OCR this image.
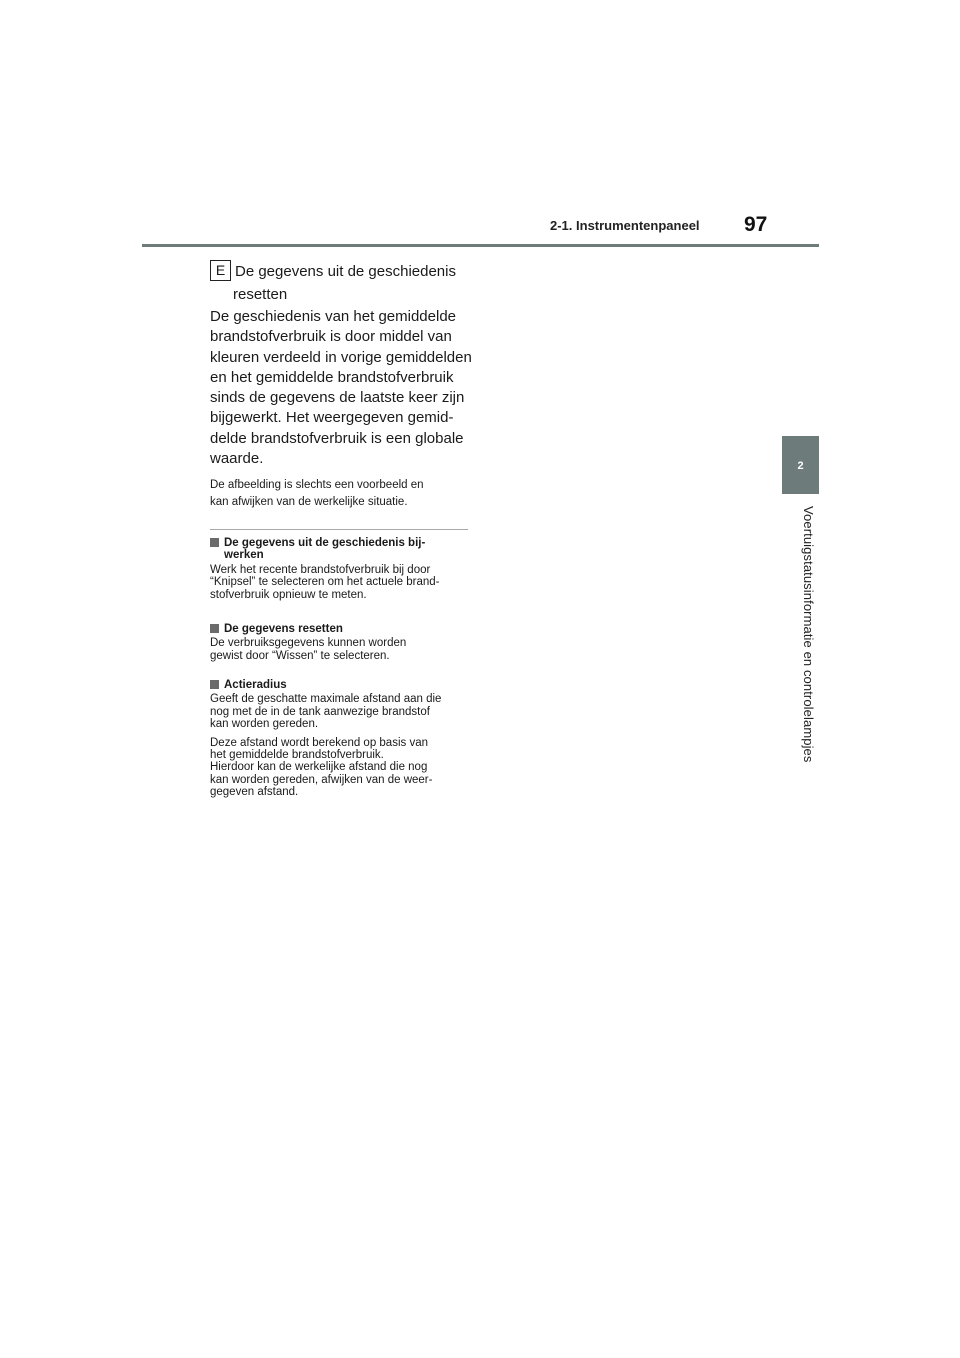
2-1. Instrumentenpaneel 97
2
Voertuigstatusinformatie en controlelampjes
E De gegevens uit de geschiedenis
resetten
De geschiedenis van het gemiddelde
brandstofverbruik is door middel van
kleuren verdeeld in vorige gemiddelden
en het gemiddelde brandstofverbruik
sinds de gegevens de laatste keer zijn
bijgewerkt. Het weergegeven gemid-
delde brandstofverbruik is een globale
waarde.
De afbeelding is slechts een voorbeeld en
kan afwijken van de werkelijke situatie.
De gegevens uit de geschiedenis bij-
werken

Werk het recente brandstofverbruik bij door
“Knipsel” te selecteren om het actuele brand-
stofverbruik opnieuw te meten.

De gegevens resetten

De verbruiksgegevens kunnen worden
gewist door “Wissen” te selecteren.

Actieradius

Geeft de geschatte maximale afstand aan die
nog met de in de tank aanwezige brandstof
kan worden gereden.

Deze afstand wordt berekend op basis van
het gemiddelde brandstofverbruik.
Hierdoor kan de werkelijke afstand die nog
kan worden gereden, afwijken van de weer-
gegeven afstand.
